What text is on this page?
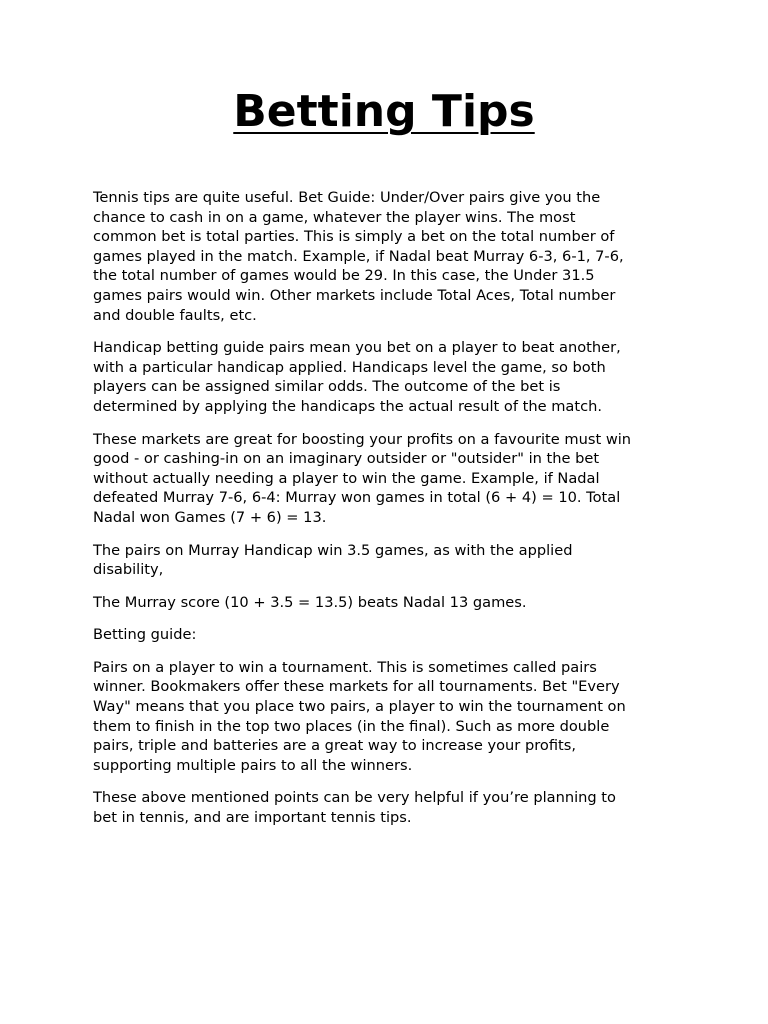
Betting Tips

Tennis tips are quite useful. Bet Guide: Under/Over pairs give you the
chance to cash in on a game, whatever the player wins. The most
common bet is total parties. This is simply a bet on the total number of
games played in the match. Example, if Nadal beat Murray 6-3, 6-1, 7-6,
the total number of games would be 29. In this case, the Under 31.5
games pairs would win. Other markets include Total Aces, Total number
and double faults, etc.

Handicap betting guide pairs mean you bet on a player to beat another,
with a particular handicap applied. Handicaps level the game, so both
players can be assigned similar odds. The outcome of the bet is
determined by applying the handicaps the actual result of the match.

These markets are great for boosting your profits on a favourite must win
good - or cashing-in on an imaginary outsider or "outsider" in the bet
without actually needing a player to win the game. Example, if Nadal
defeated Murray 7-6, 6-4: Murray won games in total (6 + 4) = 10. Total
Nadal won Games (7 + 6) = 13.

The pairs on Murray Handicap win 3.5 games, as with the applied
disability,

The Murray score (10 + 3.5 = 13.5) beats Nadal 13 games.

Betting guide:

Pairs on a player to win a tournament. This is sometimes called pairs
winner. Bookmakers offer these markets for all tournaments. Bet "Every
Way" means that you place two pairs, a player to win the tournament on
them to finish in the top two places (in the final). Such as more double
pairs, triple and batteries are a great way to increase your profits,
supporting multiple pairs to all the winners.

These above mentioned points can be very helpful if you’re planning to
bet in tennis, and are important tennis tips.
